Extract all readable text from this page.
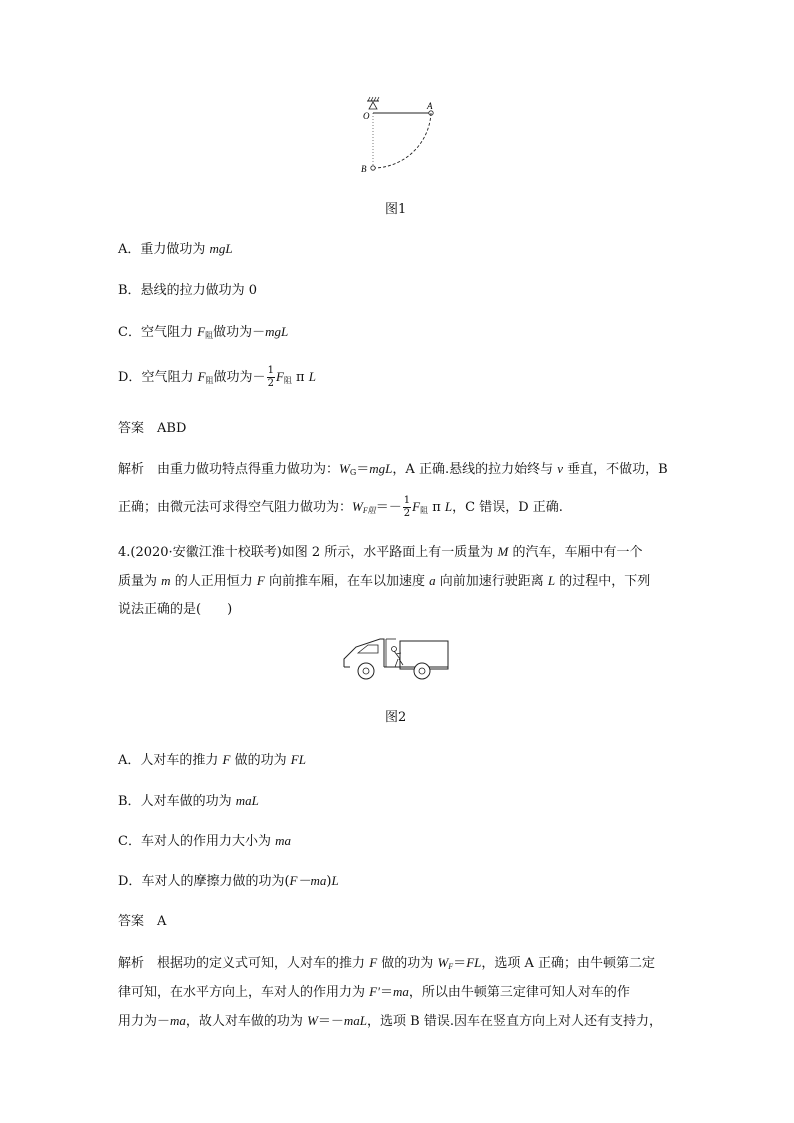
O
A
B
图1
A．重力做功为 mgL
B．悬线的拉力做功为 0
C．空气阻力 $F_阻$做功为－mgL
D．空气阻力 $F_阻$做功为－ $\frac{1}{2} F_阻$ π L
答案　 ABD
解析　 由重力做功特点得重力做功为：$W_G=mgL$，A 正确.悬线的拉力始终与 v 垂直，不做功，B
正确；由微元法可求得空气阻力做功为：$W_{F阻}=- \frac{1}{2} F_阻$ π L，C 错误，D 正确.
4.(2020·安徽江淮十校联考)如图 2 所示，水平路面上有一质量为 M 的汽车，车厢中有一个
质量为 m 的人正用恒力 F 向前推车厢，在车以加速度 a 向前加速行驶距离 L 的过程中，下列
说法正确的是(　　)
图2
A．人对车的推力 F 做的功为 FL
B．人对车做的功为 maL
C．车对人的作用力大小为 ma
D．车对人的摩擦力做的功为(F－ma)L
答案　 A
解析　 根据功的定义式可知，人对车的推力 F 做的功为 $W_F=FL$，选项 A 正确；由牛顿第二定
律可知，在水平方向上，车对人的作用力为 F′＝ma，所以由牛顿第三定律可知人对车的作
用力为－ma，故人对车做的功为 W＝－maL，选项 B 错误.因车在竖直方向上对人还有支持力，
